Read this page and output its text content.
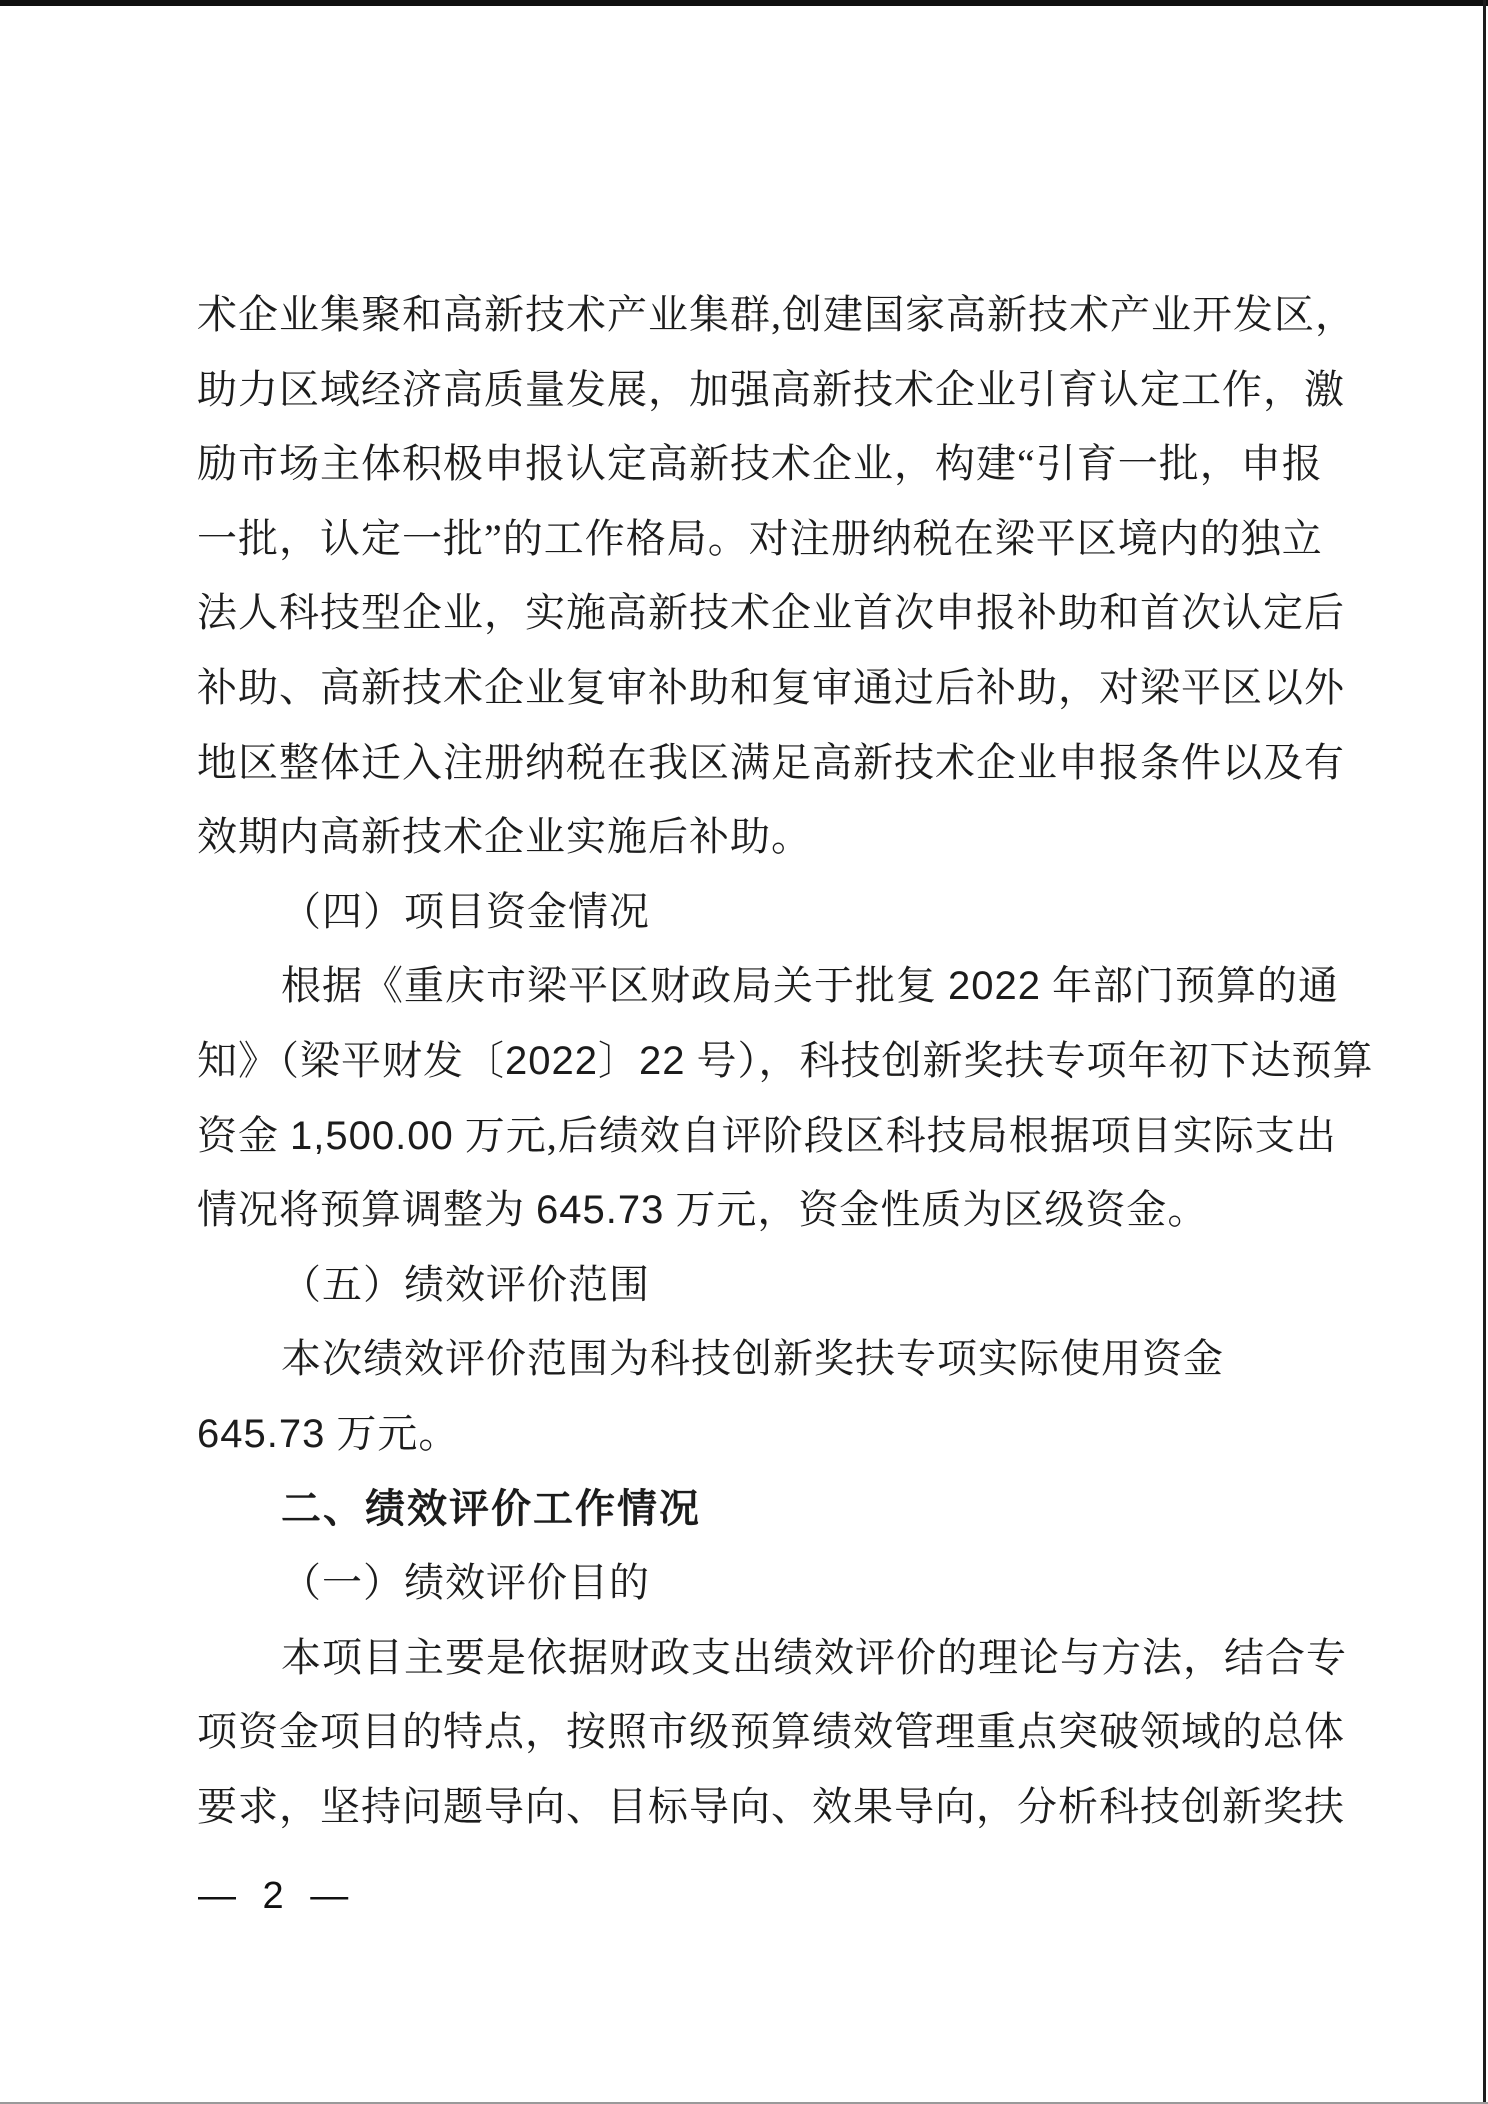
术企业集聚和高新技术产业集群,创建国家高新技术产业开发区，
助力区域经济高质量发展，加强高新技术企业引育认定工作，激
励市场主体积极申报认定高新技术企业，构建“引育一批，申报
一批，认定一批”的工作格局。对注册纳税在梁平区境内的独立
法人科技型企业，实施高新技术企业首次申报补助和首次认定后
补助、高新技术企业复审补助和复审通过后补助，对梁平区以外
地区整体迁入注册纳税在我区满足高新技术企业申报条件以及有
效期内高新技术企业实施后补助。
（四）项目资金情况
根据《重庆市梁平区财政局关于批复 2022 年部门预算的通
知》（梁平财发〔2022〕22 号），科技创新奖扶专项年初下达预算
资金 1,500.00 万元,后绩效自评阶段区科技局根据项目实际支出
情况将预算调整为 645.73 万元，资金性质为区级资金。
（五）绩效评价范围
本次绩效评价范围为科技创新奖扶专项实际使用资金
645.73 万元。
二、绩效评价工作情况
（一）绩效评价目的
本项目主要是依据财政支出绩效评价的理论与方法，结合专
项资金项目的特点，按照市级预算绩效管理重点突破领域的总体
要求，坚持问题导向、目标导向、效果导向，分析科技创新奖扶
— 2 —
